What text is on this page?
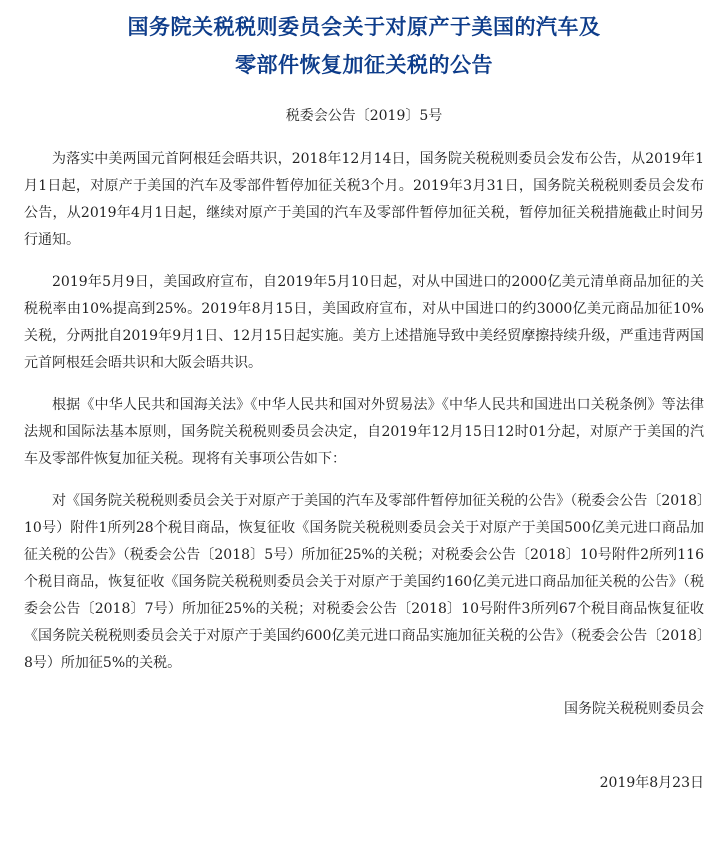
国务院关税税则委员会关于对原产于美国的汽车及
零部件恢复加征关税的公告
税委会公告〔2019〕5号

为落实中美两国元首阿根廷会晤共识，2018年12月14日，国务院关税税则委员会发布公告，从2019年1月1日起，对原产于美国的汽车及零部件暂停加征关税3个月。2019年3月31日，国务院关税税则委员会发布公告，从2019年4月1日起，继续对原产于美国的汽车及零部件暂停加征关税，暂停加征关税措施截止时间另行通知。

2019年5月9日，美国政府宣布，自2019年5月10日起，对从中国进口的2000亿美元清单商品加征的关税税率由10%提高到25%。2019年8月15日，美国政府宣布，对从中国进口的约3000亿美元商品加征10%关税，分两批自2019年9月1日、12月15日起实施。美方上述措施导致中美经贸摩擦持续升级，严重违背两国元首阿根廷会晤共识和大阪会晤共识。

根据《中华人民共和国海关法》《中华人民共和国对外贸易法》《中华人民共和国进出口关税条例》等法律法规和国际法基本原则，国务院关税税则委员会决定，自2019年12月15日12时01分起，对原产于美国的汽车及零部件恢复加征关税。现将有关事项公告如下：

对《国务院关税税则委员会关于对原产于美国的汽车及零部件暂停加征关税的公告》（税委会公告〔2018〕10号）附件1所列28个税目商品，恢复征收《国务院关税税则委员会关于对原产于美国500亿美元进口商品加征关税的公告》（税委会公告〔2018〕5号）所加征25%的关税；对税委会公告〔2018〕10号附件2所列116个税目商品，恢复征收《国务院关税税则委员会关于对原产于美国约160亿美元进口商品加征关税的公告》（税委会公告〔2018〕7号）所加征25%的关税；对税委会公告〔2018〕10号附件3所列67个税目商品恢复征收《国务院关税税则委员会关于对原产于美国约600亿美元进口商品实施加征关税的公告》（税委会公告〔2018〕8号）所加征5%的关税。

国务院关税税则委员会
2019年8月23日
